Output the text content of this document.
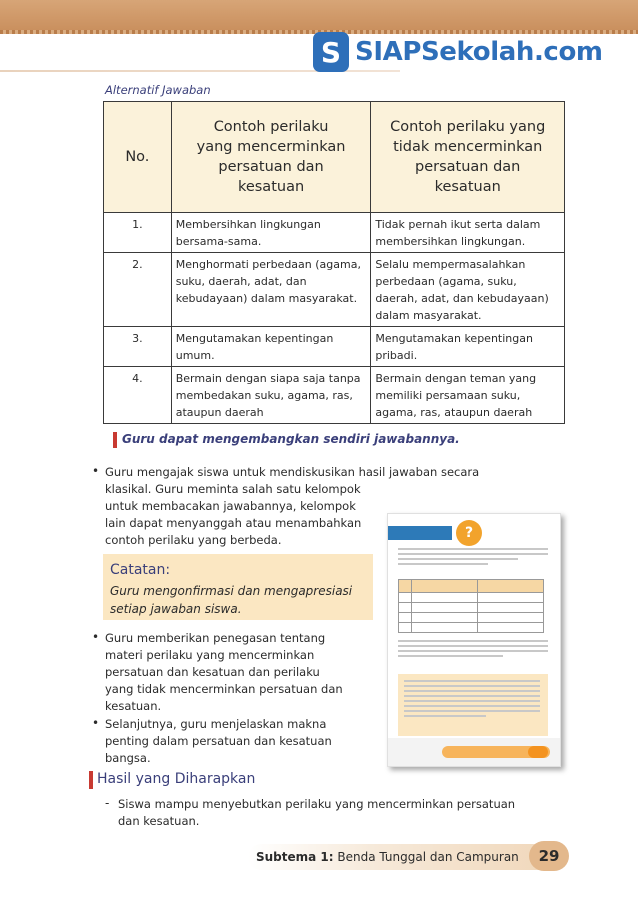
S SIAPSekolah.com
Alternatif Jawaban
No.	Contoh perilaku yang mencerminkan persatuan dan kesatuan	Contoh perilaku yang tidak mencerminkan persatuan dan kesatuan

1.	Membersihkan lingkungan bersama-sama.	Tidak pernah ikut serta dalam membersihkan lingkungan.
2.	Menghormati perbedaan (agama, suku, daerah, adat, dan kebudayaan) dalam masyarakat.	Selalu mempermasalahkan perbedaan (agama, suku, daerah, adat, dan kebudayaan) dalam masyarakat.
3.	Mengutamakan kepentingan umum.	Mengutamakan kepentingan pribadi.
4.	Bermain dengan siapa saja tanpa membedakan suku, agama, ras, ataupun daerah	Bermain dengan teman yang memiliki persamaan suku, agama, ras, ataupun daerah
Guru dapat mengembangkan sendiri jawabannya.
• Guru mengajak siswa untuk mendiskusikan hasil jawaban secara
klasikal. Guru meminta salah satu kelompok
untuk membacakan jawabannya, kelompok
lain dapat menyanggah atau menambahkan
contoh perilaku yang berbeda.
Catatan:
Guru mengonfirmasi dan mengapresiasi
setiap jawaban siswa.
?

• Guru memberikan penegasan tentang
materi perilaku yang mencerminkan
persatuan dan kesatuan dan perilaku
yang tidak mencerminkan persatuan dan
kesatuan.
• Selanjutnya, guru menjelaskan makna
penting dalam persatuan dan kesatuan
bangsa.
Hasil yang Diharapkan
- Siswa mampu menyebutkan perilaku yang mencerminkan persatuan
dan kesatuan.
Subtema 1: Benda Tunggal dan Campuran	29
